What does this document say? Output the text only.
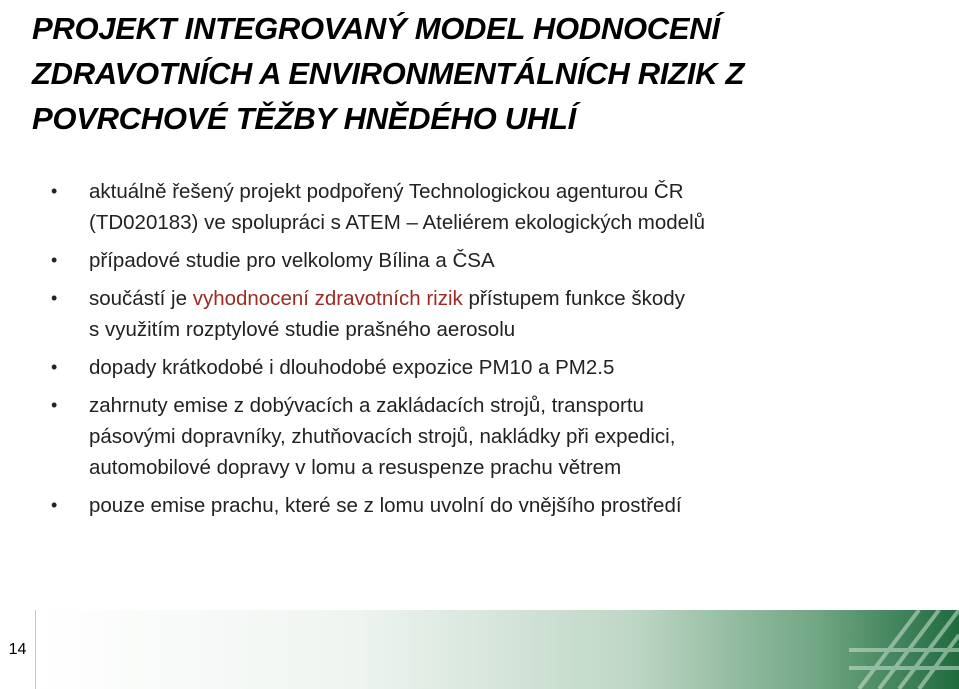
PROJEKT INTEGROVANÝ MODEL HODNOCENÍ
ZDRAVOTNÍCH A ENVIRONMENTÁLNÍCH RIZIK Z
POVRCHOVÉ TĚŽBY HNĚDÉHO UHLÍ
• aktuálně řešený projekt podpořený Technologickou agenturou ČR
(TD020183) ve spolupráci s ATEM – Ateliérem ekologických modelů
• případové studie pro velkolomy Bílina a ČSA
• součástí je vyhodnocení zdravotních rizik přístupem funkce škody
s využitím rozptylové studie prašného aerosolu
• dopady krátkodobé i dlouhodobé expozice PM10 a PM2.5
• zahrnuty emise z dobývacích a zakládacích strojů, transportu
pásovými dopravníky, zhutňovacích strojů, nakládky při expedici,
automobilové dopravy v lomu a resuspenze prachu větrem
• pouze emise prachu, které se z lomu uvolní do vnějšího prostředí
14
